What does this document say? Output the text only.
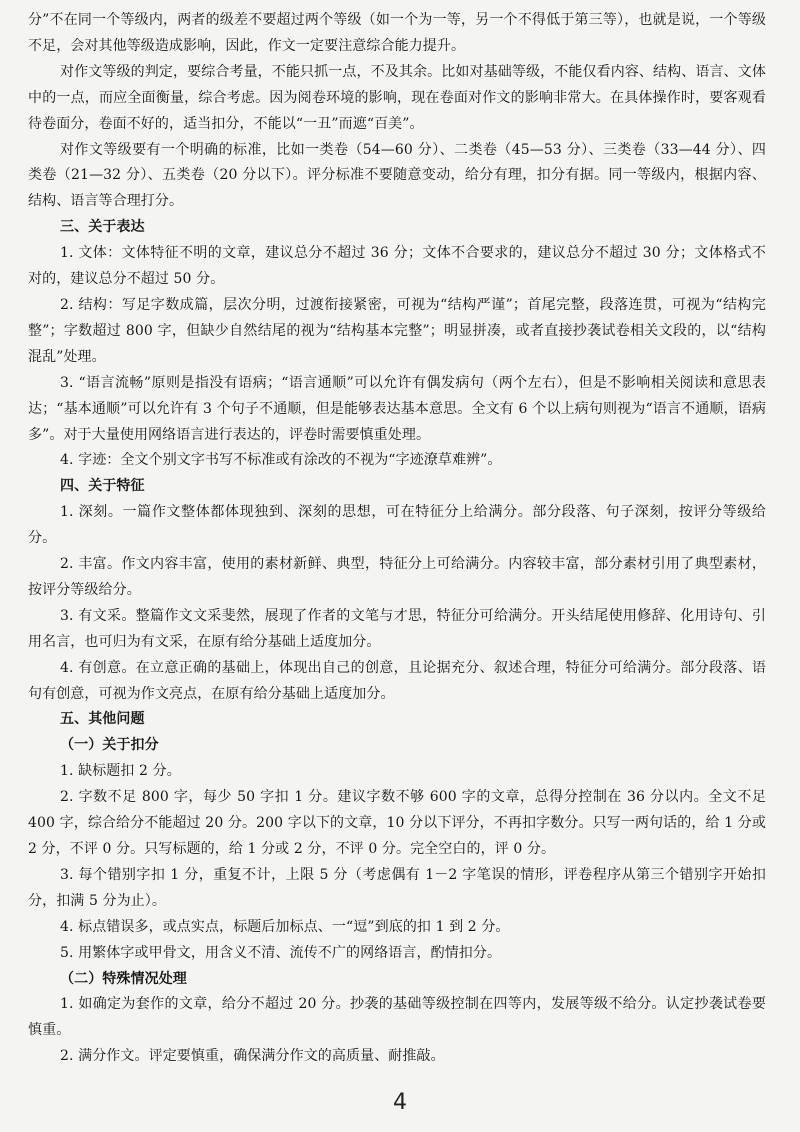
分”不在同一个等级内，两者的级差不要超过两个等级（如一个为一等，另一个不得低于第三等），也就是说，一个等级不足，会对其他等级造成影响，因此，作文一定要注意综合能力提升。

对作文等级的判定，要综合考量，不能只抓一点，不及其余。比如对基础等级，不能仅看内容、结构、语言、文体中的一点，而应全面衡量，综合考虑。因为阅卷环境的影响，现在卷面对作文的影响非常大。在具体操作时，要客观看待卷面分，卷面不好的，适当扣分，不能以“一丑”而遮“百美”。

对作文等级要有一个明确的标准，比如一类卷（54—60 分）、二类卷（45—53 分）、三类卷（33—44 分）、四类卷（21—32 分）、五类卷（20 分以下）。评分标准不要随意变动，给分有理，扣分有据。同一等级内，根据内容、结构、语言等合理打分。

三、关于表达

1. 文体：文体特征不明的文章，建议总分不超过 36 分；文体不合要求的，建议总分不超过 30 分；文体格式不对的，建议总分不超过 50 分。

2. 结构：写足字数成篇，层次分明，过渡衔接紧密，可视为“结构严谨”；首尾完整，段落连贯，可视为“结构完整”；字数超过 800 字，但缺少自然结尾的视为“结构基本完整”；明显拼凑，或者直接抄袭试卷相关文段的，以“结构混乱”处理。

3. “语言流畅”原则是指没有语病；“语言通顺”可以允许有偶发病句（两个左右），但是不影响相关阅读和意思表达；“基本通顺”可以允许有 3 个句子不通顺，但是能够表达基本意思。全文有 6 个以上病句则视为“语言不通顺，语病多”。对于大量使用网络语言进行表达的，评卷时需要慎重处理。

4. 字迹：全文个别文字书写不标准或有涂改的不视为“字迹潦草难辨”。

四、关于特征

1. 深刻。一篇作文整体都体现独到、深刻的思想，可在特征分上给满分。部分段落、句子深刻，按评分等级给分。

2. 丰富。作文内容丰富，使用的素材新鲜、典型，特征分上可给满分。内容较丰富，部分素材引用了典型素材，按评分等级给分。

3. 有文采。整篇作文文采斐然，展现了作者的文笔与才思，特征分可给满分。开头结尾使用修辞、化用诗句、引用名言，也可归为有文采，在原有给分基础上适度加分。

4. 有创意。在立意正确的基础上，体现出自己的创意，且论据充分、叙述合理，特征分可给满分。部分段落、语句有创意，可视为作文亮点，在原有给分基础上适度加分。

五、其他问题

（一）关于扣分

1. 缺标题扣 2 分。

2. 字数不足 800 字，每少 50 字扣 1 分。建议字数不够 600 字的文章，总得分控制在 36 分以内。全文不足 400 字，综合给分不能超过 20 分。200 字以下的文章，10 分以下评分，不再扣字数分。只写一两句话的，给 1 分或 2 分，不评 0 分。只写标题的，给 1 分或 2 分，不评 0 分。完全空白的，评 0 分。

3. 每个错别字扣 1 分，重复不计，上限 5 分（考虑偶有 1－2 字笔误的情形，评卷程序从第三个错别字开始扣分，扣满 5 分为止）。

4. 标点错误多，或点实点，标题后加标点、一“逗”到底的扣 1 到 2 分。

5. 用繁体字或甲骨文，用含义不清、流传不广的网络语言，酌情扣分。

（二）特殊情况处理

1. 如确定为套作的文章，给分不超过 20 分。抄袭的基础等级控制在四等内，发展等级不给分。认定抄袭试卷要慎重。

2. 满分作文。评定要慎重，确保满分作文的高质量、耐推敲。

4
